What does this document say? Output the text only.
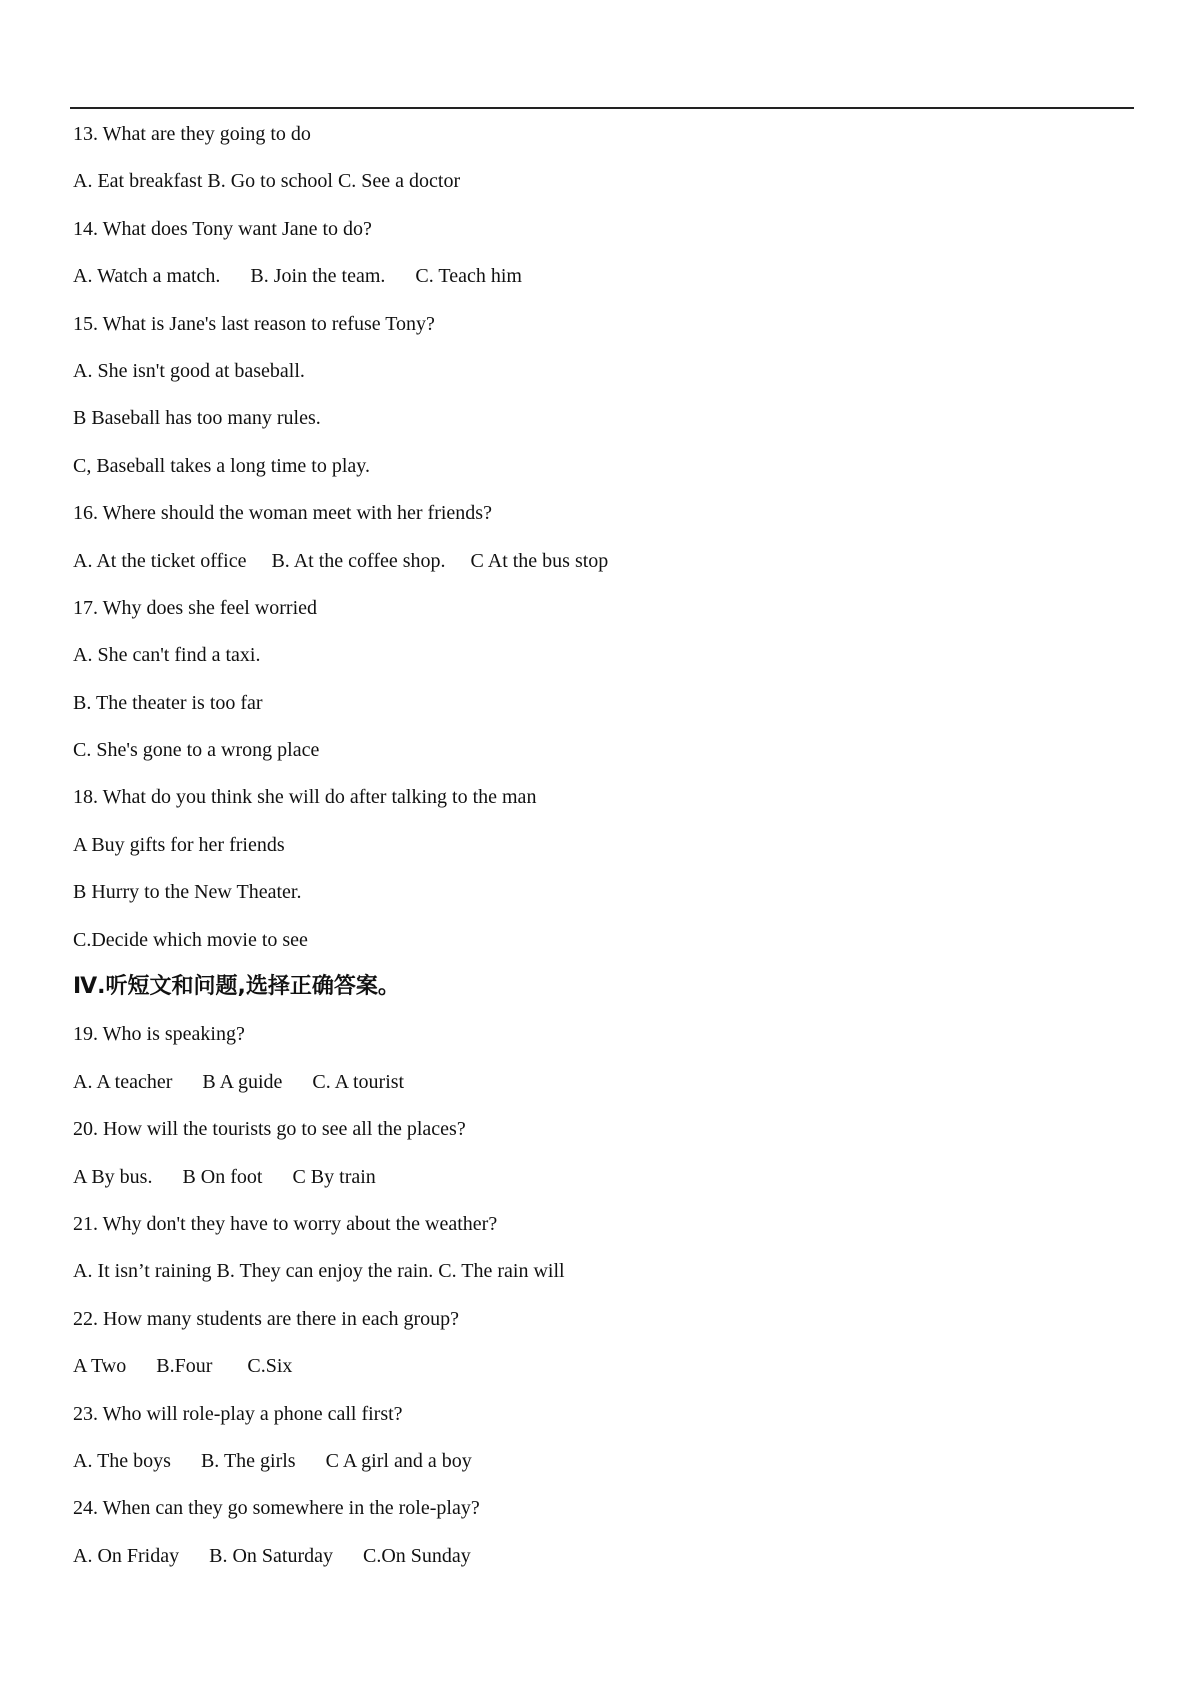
13. What are they going to do
A. Eat breakfast B. Go to school C. See a doctor
14. What does Tony want Jane to do?
A. Watch a match.      B. Join the team.      C. Teach him
15. What is Jane's last reason to refuse Tony?
A. She isn't good at baseball.
B Baseball has too many rules.
C, Baseball takes a long time to play.
16. Where should the woman meet with her friends?
A. At the ticket office     B. At the coffee shop.     C At the bus stop
17. Why does she feel worried
A. She can't find a taxi.
B. The theater is too far
C. She's gone to a wrong place
18. What do you think she will do after talking to the man
A Buy gifts for her friends
B Hurry to the New Theater.
C.Decide which movie to see
Ⅳ.听短文和问题,选择正确答案。
19. Who is speaking?
A. A teacher      B A guide      C. A tourist
20. How will the tourists go to see all the places?
A By bus.      B On foot      C By train
21. Why don't they have to worry about the weather?
A. It isn’t raining B. They can enjoy the rain. C. The rain will
22. How many students are there in each group?
A Two      B.Four       C.Six
23. Who will role-play a phone call first?
A. The boys      B. The girls      C A girl and a boy
24. When can they go somewhere in the role-play?
A. On Friday      B. On Saturday      C.On Sunday
